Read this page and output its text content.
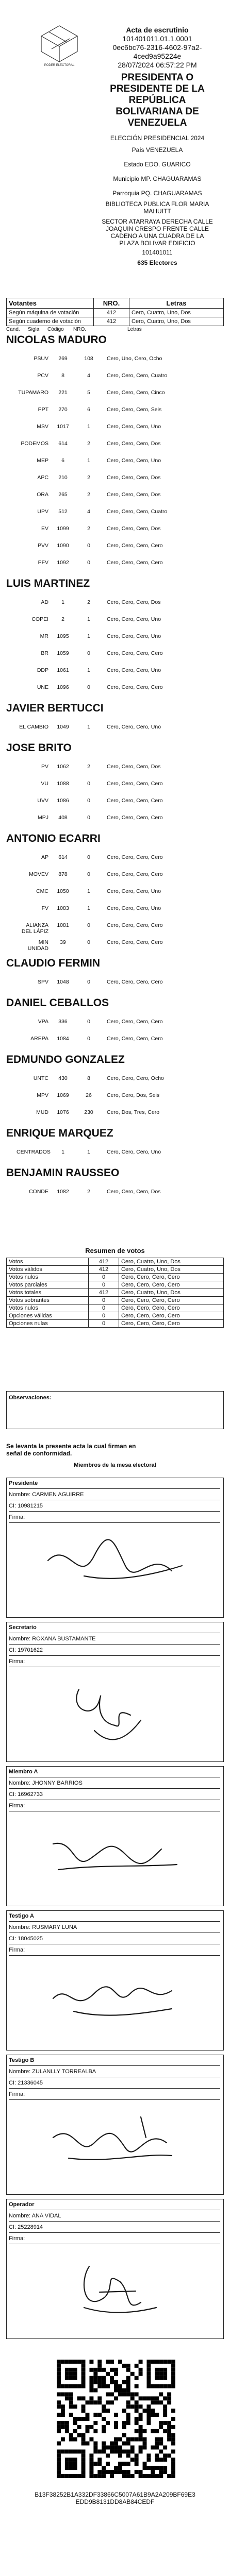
PODER ELECTORAL
Acta de escrutinio
101401011.01.1.0001
0ec6bc76-2316-4602-97a2-
4ced9a95224e
28/07/2024 06:57:22 PM
PRESIDENTA O
PRESIDENTE DE LA
REPÚBLICA
BOLIVARIANA DE
VENEZUELA
ELECCIÓN PRESIDENCIAL 2024
País VENEZUELA
Estado EDO. GUARICO
Municipio MP. CHAGUARAMAS
Parroquia PQ. CHAGUARAMAS
BIBLIOTECA PUBLICA FLOR MARIA
MAHUITT
SECTOR ATARRAYA DERECHA CALLE
JOAQUIN CRESPO FRENTE CALLE
CADENO A UNA CUADRA DE LA
PLAZA BOLIVAR EDIFICIO
101401011
635 Electores
Votantes	NRO.	Letras
Según máquina de votación	412	Cero, Cuatro, Uno, Dos
Según cuaderno de votación	412	Cero, Cuatro, Uno, Dos
Cand. Sigla Código NRO.	Letras
NICOLAS MADURO
PSUV	269	108	Cero, Uno, Cero, Ocho
PCV	8	4	Cero, Cero, Cero, Cuatro
TUPAMARO	221	5	Cero, Cero, Cero, Cinco
PPT	270	6	Cero, Cero, Cero, Seis
MSV	1017	1	Cero, Cero, Cero, Uno
PODEMOS	614	2	Cero, Cero, Cero, Dos
MEP	6	1	Cero, Cero, Cero, Uno
APC	210	2	Cero, Cero, Cero, Dos
ORA	265	2	Cero, Cero, Cero, Dos
UPV	512	4	Cero, Cero, Cero, Cuatro
EV	1099	2	Cero, Cero, Cero, Dos
PVV	1090	0	Cero, Cero, Cero, Cero
PFV	1092	0	Cero, Cero, Cero, Cero
LUIS MARTINEZ
AD	1	2	Cero, Cero, Cero, Dos
COPEI	2	1	Cero, Cero, Cero, Uno
MR	1095	1	Cero, Cero, Cero, Uno
BR	1059	0	Cero, Cero, Cero, Cero
DDP	1061	1	Cero, Cero, Cero, Uno
UNE	1096	0	Cero, Cero, Cero, Cero
JAVIER BERTUCCI
EL CAMBIO	1049	1	Cero, Cero, Cero, Uno
JOSE BRITO
PV	1062	2	Cero, Cero, Cero, Dos
VU	1088	0	Cero, Cero, Cero, Cero
UVV	1086	0	Cero, Cero, Cero, Cero
MPJ	408	0	Cero, Cero, Cero, Cero
ANTONIO ECARRI
AP	614	0	Cero, Cero, Cero, Cero
MOVEV	878	0	Cero, Cero, Cero, Cero
CMC	1050	1	Cero, Cero, Cero, Uno
FV	1083	1	Cero, Cero, Cero, Uno
ALIANZA DEL LÁPIZ
1081	0	Cero, Cero, Cero, Cero
MIN UNIDAD
39	0	Cero, Cero, Cero, Cero
CLAUDIO FERMIN
SPV	1048	0	Cero, Cero, Cero, Cero
DANIEL CEBALLOS
VPA	336	0	Cero, Cero, Cero, Cero
AREPA	1084	0	Cero, Cero, Cero, Cero
EDMUNDO GONZALEZ
UNTC	430	8	Cero, Cero, Cero, Ocho
MPV	1069	26	Cero, Cero, Dos, Seis
MUD	1076	230	Cero, Dos, Tres, Cero
ENRIQUE MARQUEZ
CENTRADOS	1	1	Cero, Cero, Cero, Uno
BENJAMIN RAUSSEO
CONDE	1082	2	Cero, Cero, Cero, Dos
Resumen de votos
Votos	412	Cero, Cuatro, Uno, Dos
Votos válidos	412	Cero, Cuatro, Uno, Dos
Votos nulos	0	Cero, Cero, Cero, Cero
Votos parciales	0	Cero, Cero, Cero, Cero
Votos totales	412	Cero, Cuatro, Uno, Dos
Votos sobrantes	0	Cero, Cero, Cero, Cero
Votos nulos	0	Cero, Cero, Cero, Cero
Opciones válidas	0	Cero, Cero, Cero, Cero
Opciones nulas	0	Cero, Cero, Cero, Cero
Observaciones:
Se levanta la presente acta la cual firman en
señal de conformidad.
Miembros de la mesa electoral
Presidente
Nombre: CARMEN AGUIRRE
CI: 10981215
Firma:
Secretario
Nombre: ROXANA BUSTAMANTE
CI: 19701622
Firma:
Miembro A
Nombre: JHONNY BARRIOS
CI: 16962733
Firma:
Testigo A
Nombre: RUSMARY LUNA
CI: 18045025
Firma:
Testigo B
Nombre: ZULANLLY TORREALBA
CI: 21336045
Firma:
Operador
Nombre: ANA VIDAL
CI: 25228914
Firma:
B13F38252B1A332DF33866C5007A61B9A2A209BF69E3
EDD9B8131DD8AB84CEDF
